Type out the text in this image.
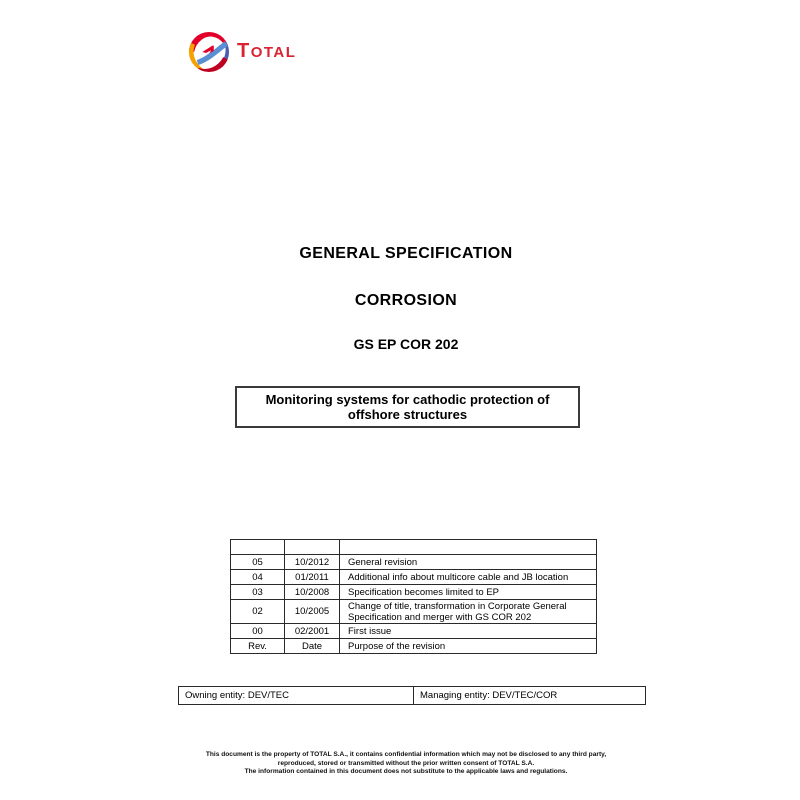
TOTAL
GENERAL SPECIFICATION
CORROSION
GS EP COR 202
Monitoring systems for cathodic protection of
offshore structures

05	10/2012	General revision
04	01/2011	Additional info about multicore cable and JB location
03	10/2008	Specification becomes limited to EP
02	10/2005	Change of title, transformation in Corporate General Specification and merger with GS COR 202
00	02/2001	First issue
Rev.	Date	Purpose of the revision
Owning entity: DEV/TEC	Managing entity: DEV/TEC/COR
This document is the property of TOTAL S.A., it contains confidential information which may not be disclosed to any third party,
reproduced, stored or transmitted without the prior written consent of TOTAL S.A.
The information contained in this document does not substitute to the applicable laws and regulations.
